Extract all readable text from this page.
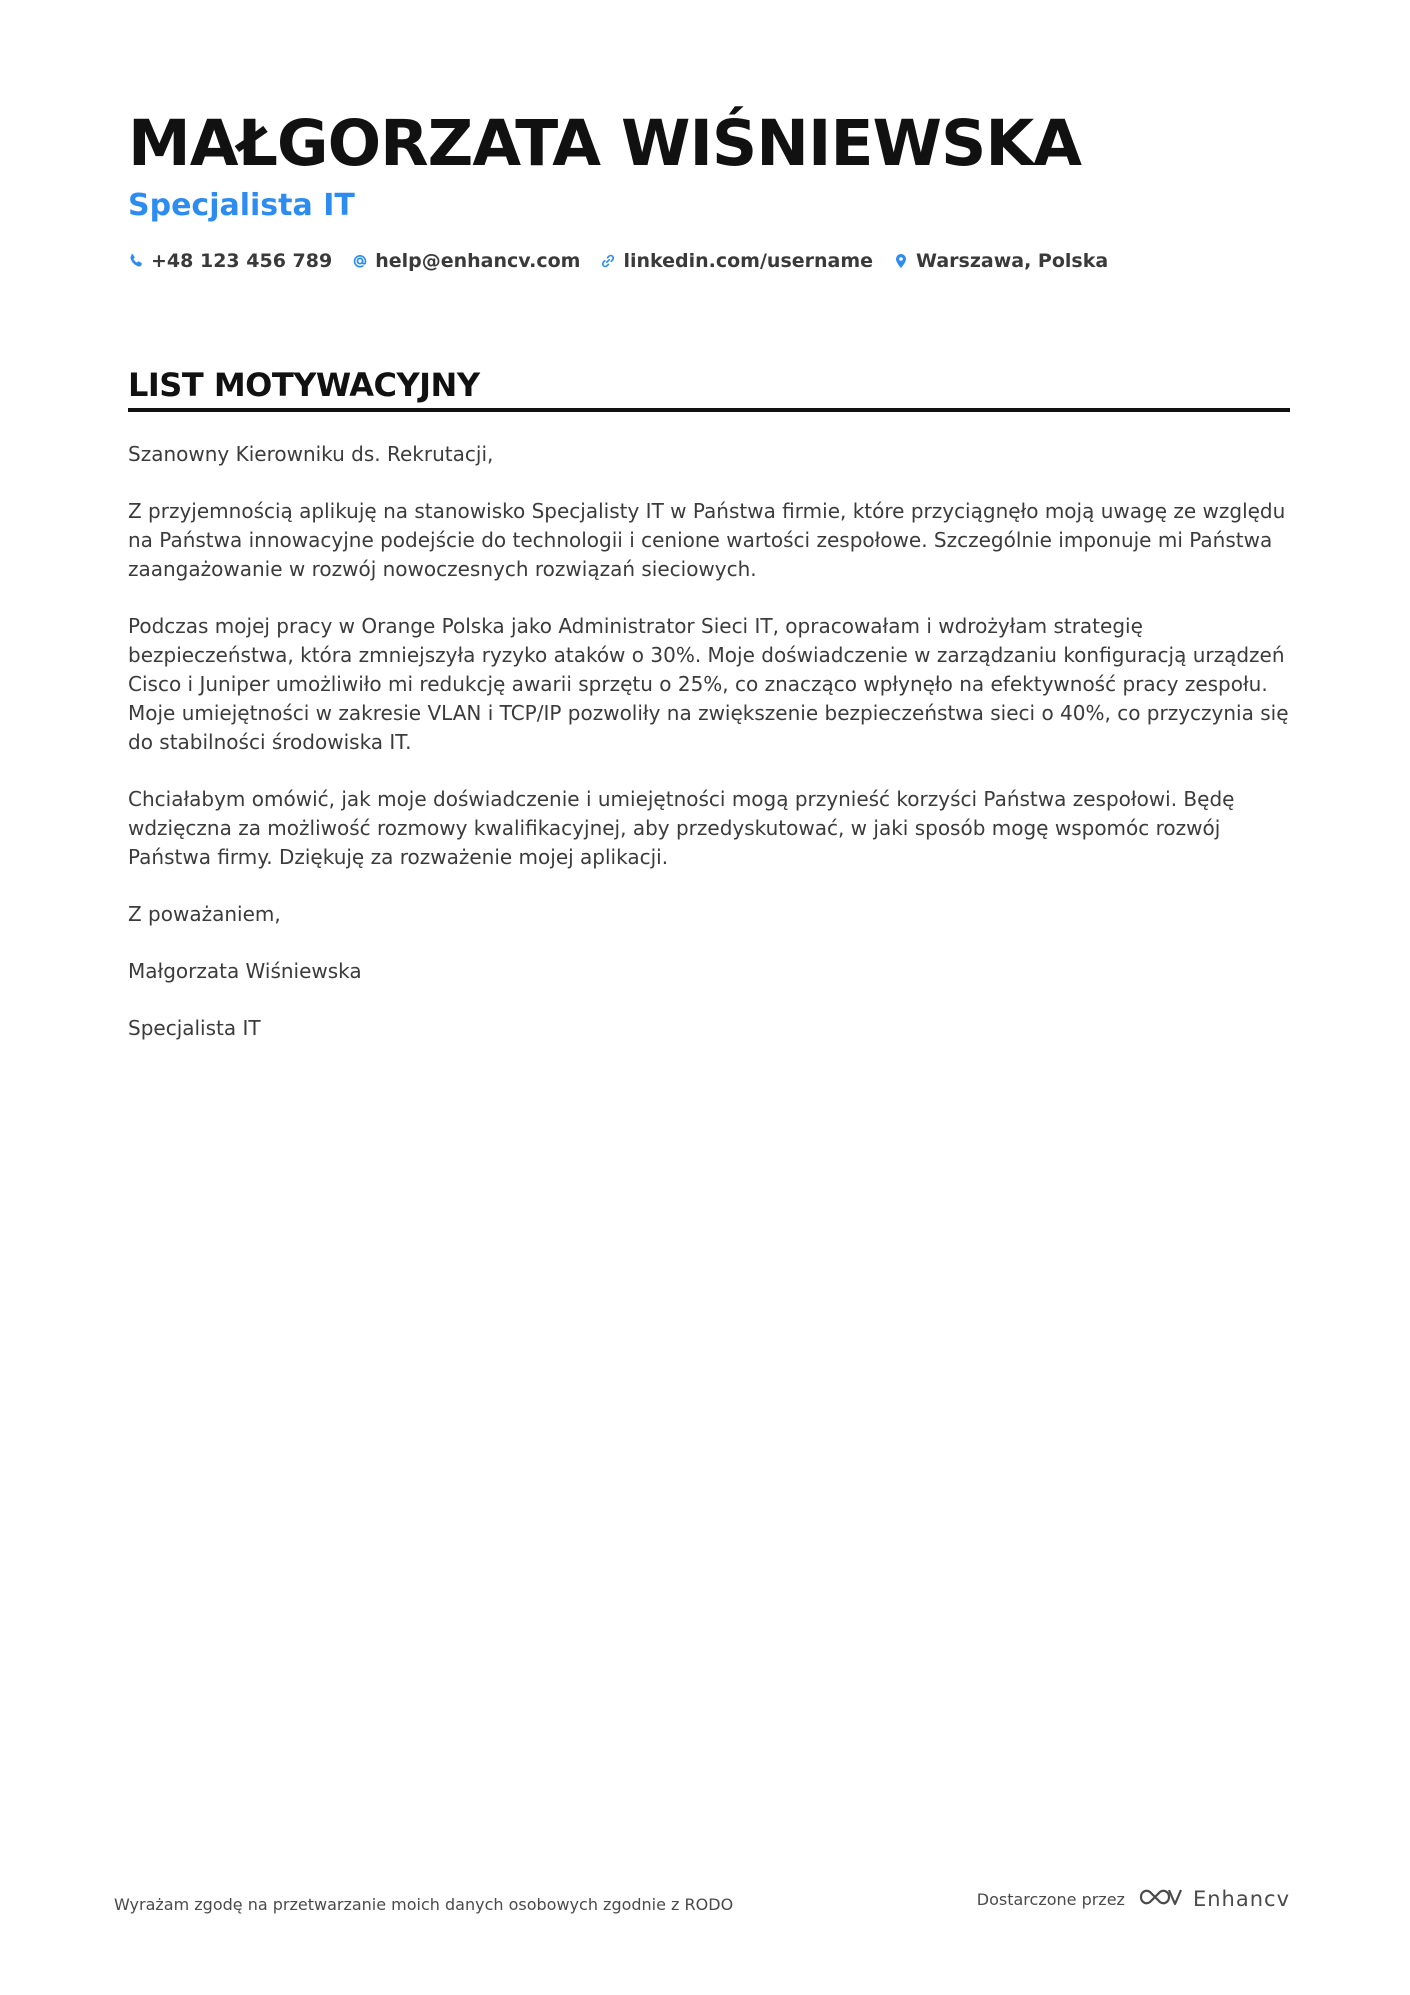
MAŁGORZATA WIŚNIEWSKA
Specjalista IT
+48 123 456 789 help@enhancv.com linkedin.com/username Warszawa, Polska
LIST MOTYWACYJNY

Szanowny Kierowniku ds. Rekrutacji,

Z przyjemnością aplikuję na stanowisko Specjalisty IT w Państwa firmie, które przyciągnęło moją uwagę ze względu na Państwa innowacyjne podejście do technologii i cenione wartości zespołowe. Szczególnie imponuje mi Państwa zaangażowanie w rozwój nowoczesnych rozwiązań sieciowych.

Podczas mojej pracy w Orange Polska jako Administrator Sieci IT, opracowałam i wdrożyłam strategię bezpieczeństwa, która zmniejszyła ryzyko ataków o 30%. Moje doświadczenie w zarządzaniu konfiguracją urządzeń Cisco i Juniper umożliwiło mi redukcję awarii sprzętu o 25%, co znacząco wpłynęło na efektywność pracy zespołu. Moje umiejętności w zakresie VLAN i TCP/IP pozwoliły na zwiększenie bezpieczeństwa sieci o 40%, co przyczynia się do stabilności środowiska IT.

Chciałabym omówić, jak moje doświadczenie i umiejętności mogą przynieść korzyści Państwa zespołowi. Będę wdzięczna za możliwość rozmowy kwalifikacyjnej, aby przedyskutować, w jaki sposób mogę wspomóc rozwój Państwa firmy. Dziękuję za rozważenie mojej aplikacji.

Z poważaniem,

Małgorzata Wiśniewska

Specjalista IT

Wyrażam zgodę na przetwarzanie moich danych osobowych zgodnie z RODO	Dostarczone przez	Enhancv
